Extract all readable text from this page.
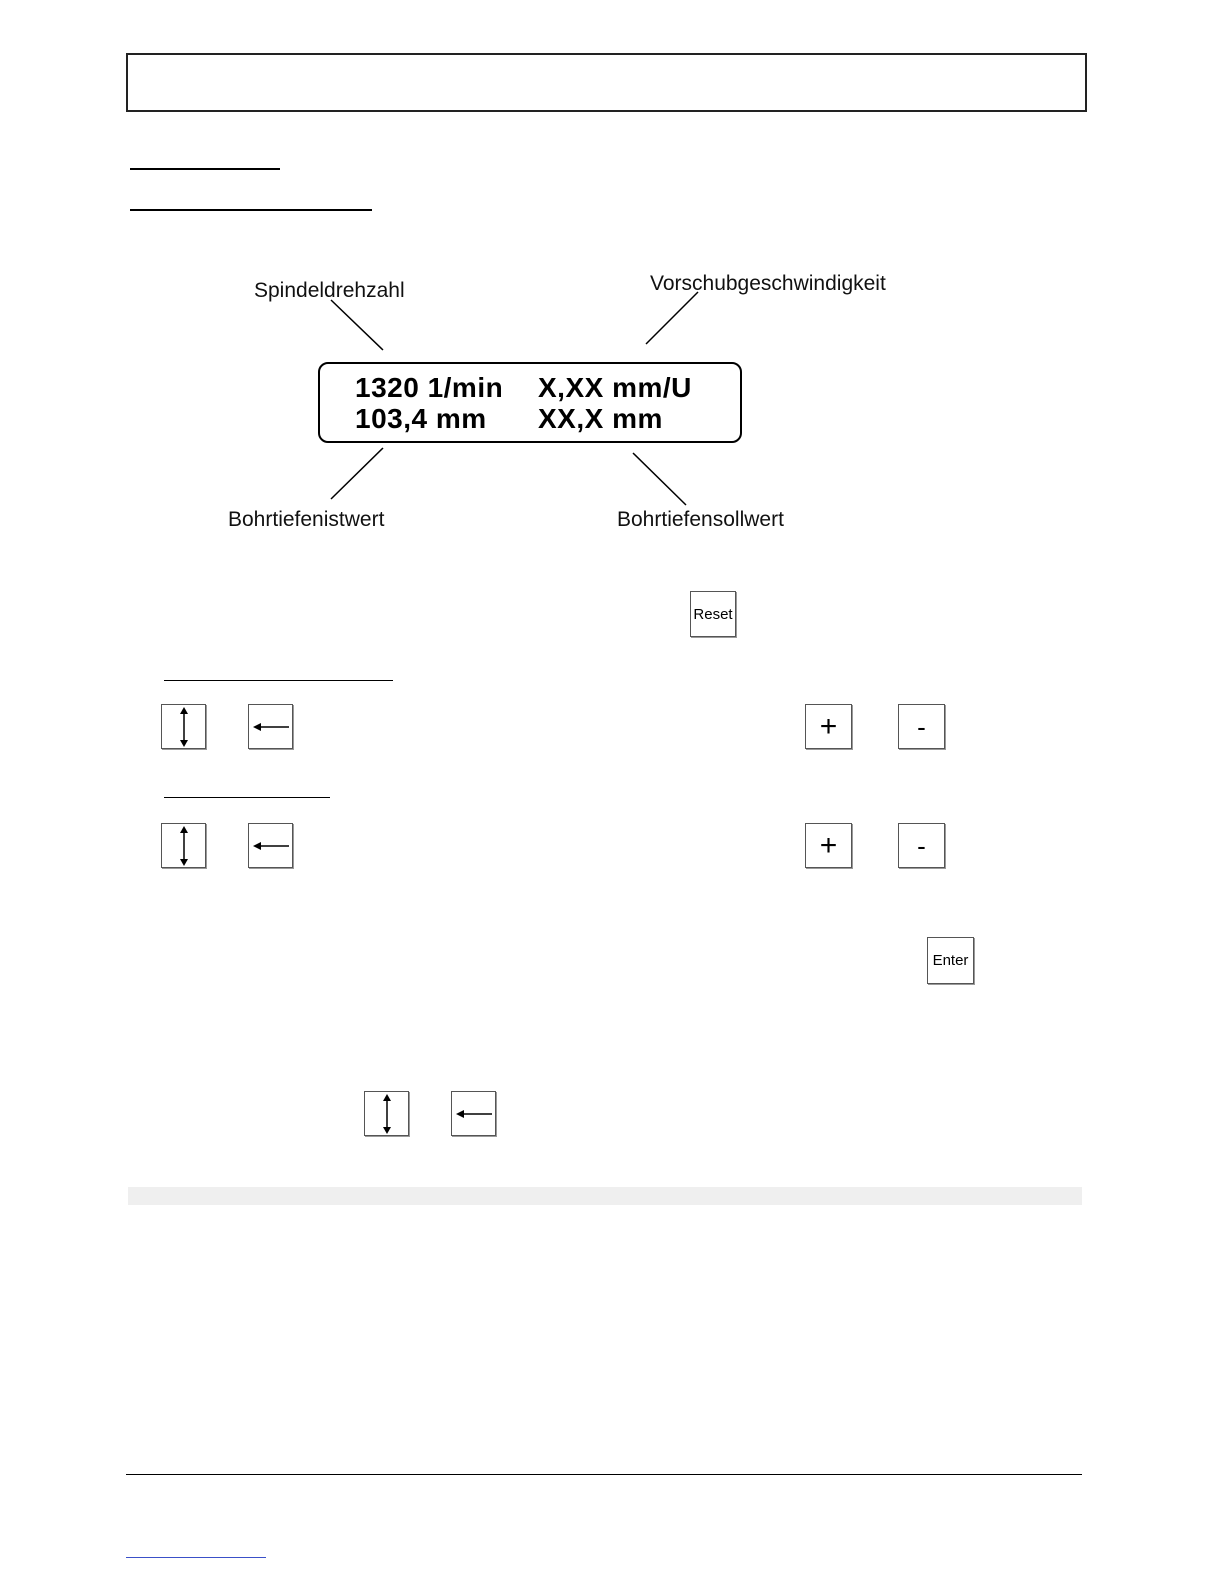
Spindeldrehzahl	Vorschubgeschwindigkeit
Bohrtiefenistwert	Bohrtiefensollwert
1320 1/min X,XX mm/U
103,4 mm XX,X mm
Reset
+	-
+	-
Enter
